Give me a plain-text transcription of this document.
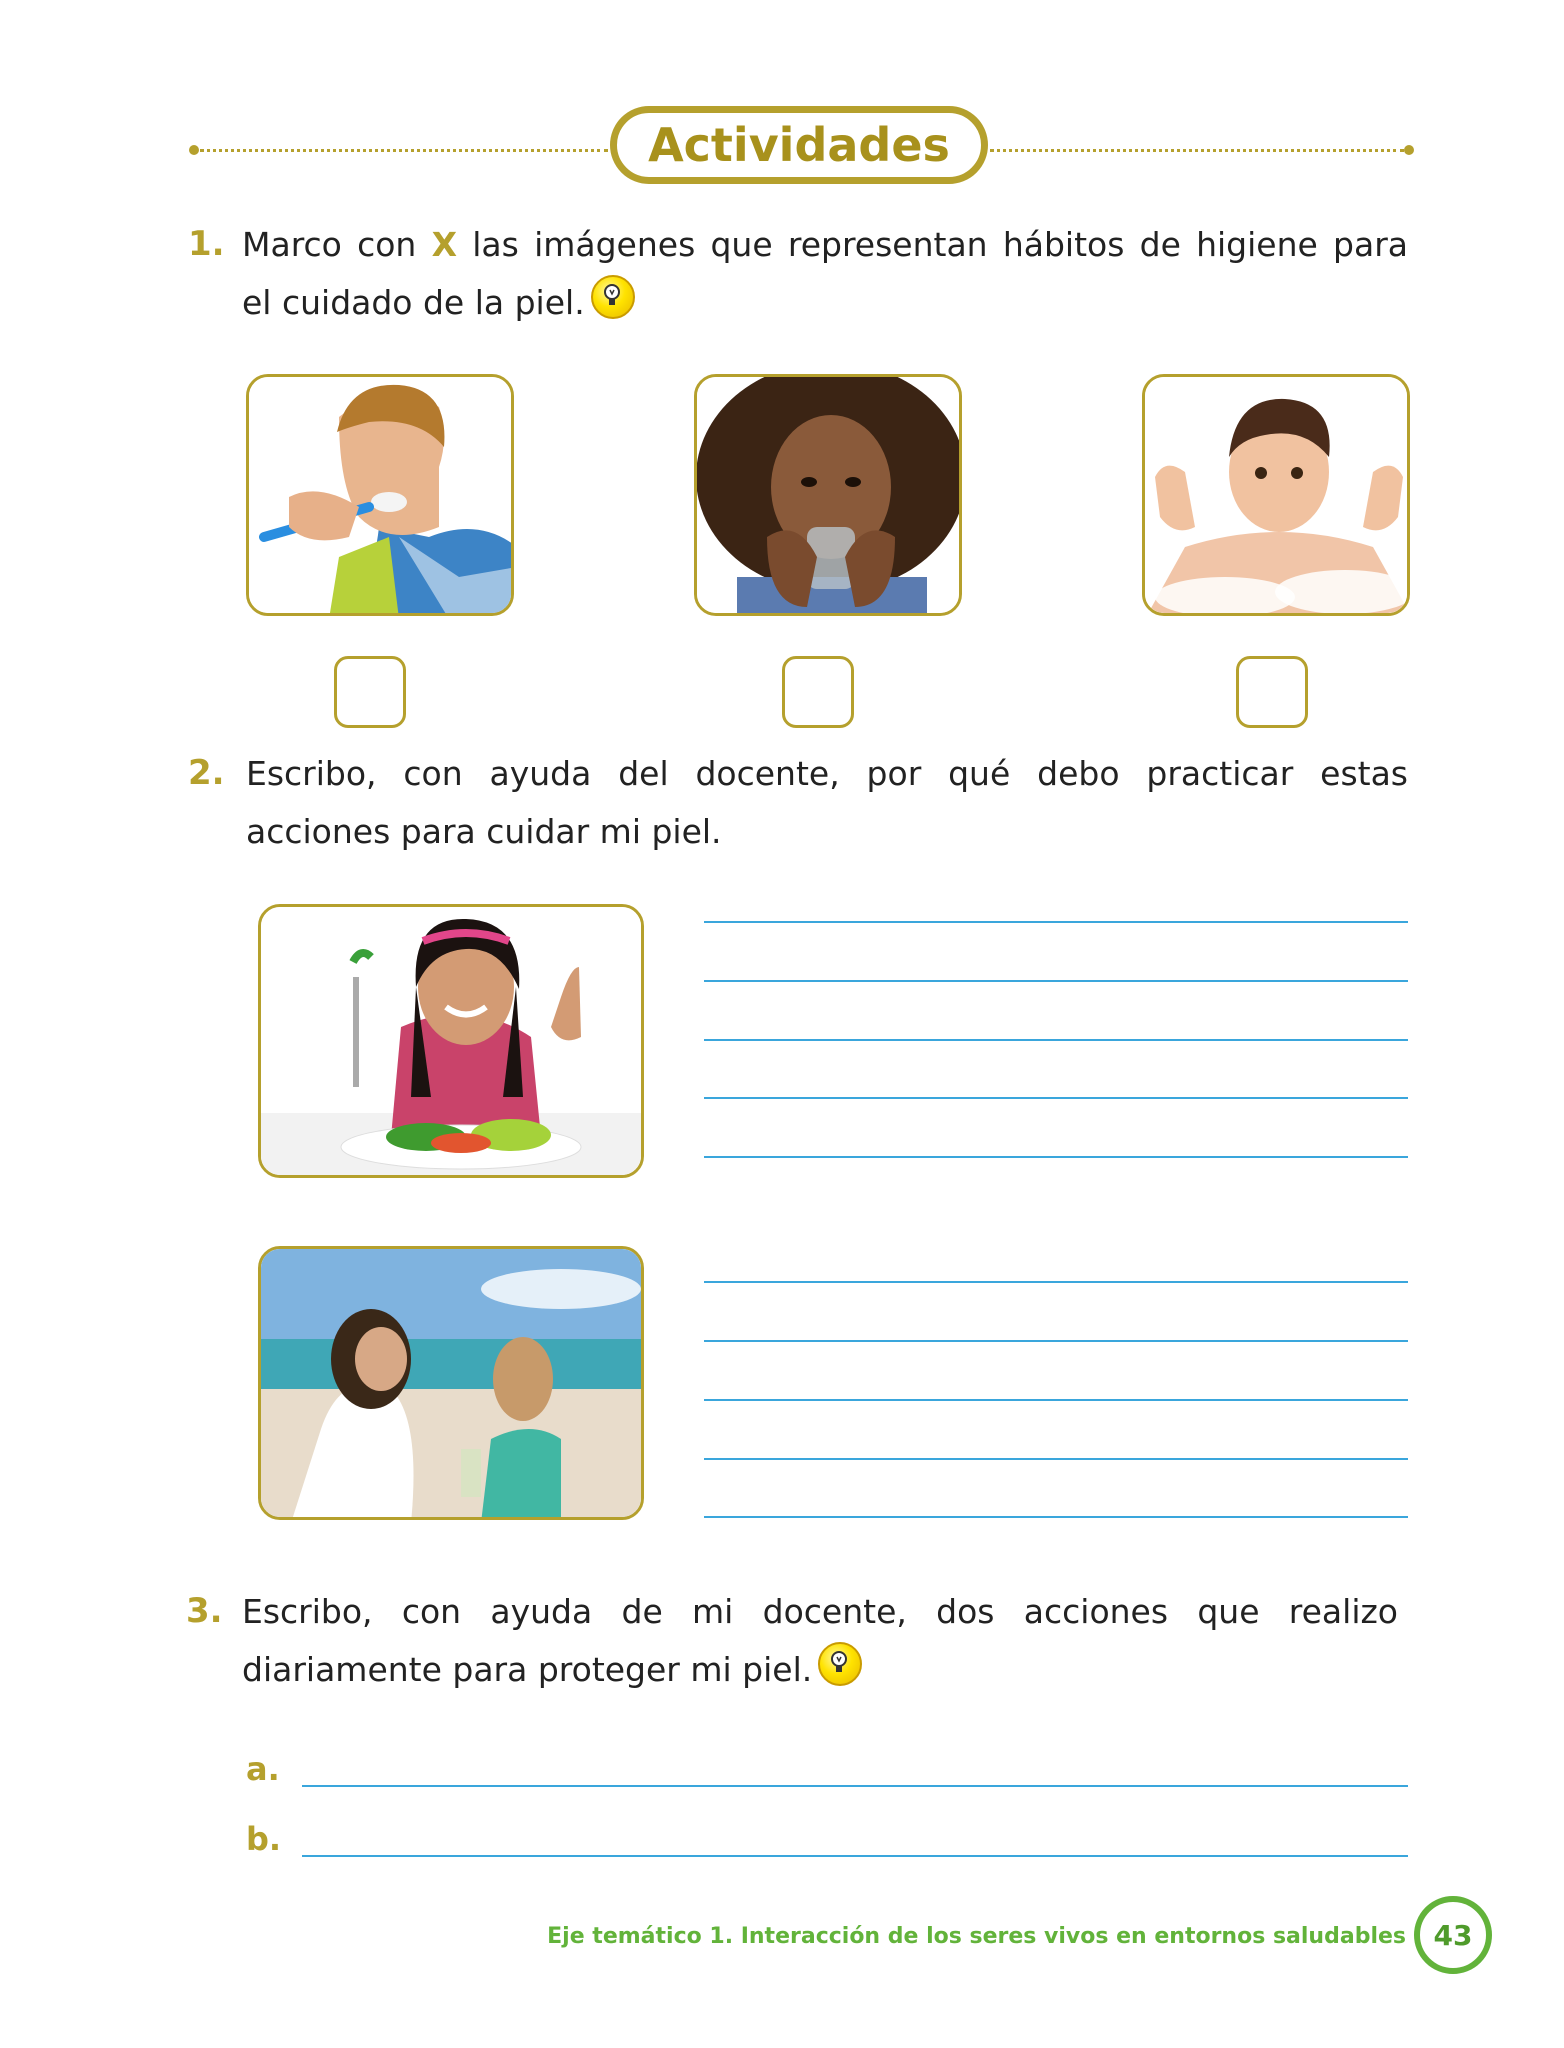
Actividades
1. Marco con X las imágenes que representan hábitos de higiene para
el cuidado de la piel.
2. Escribo, con ayuda del docente, por qué debo practicar estas
acciones para cuidar mi piel.
3. Escribo, con ayuda de mi docente, dos acciones que realizo
diariamente para proteger mi piel.
a.
b.
Eje temático 1. Interacción de los seres vivos en entornos saludables 43
